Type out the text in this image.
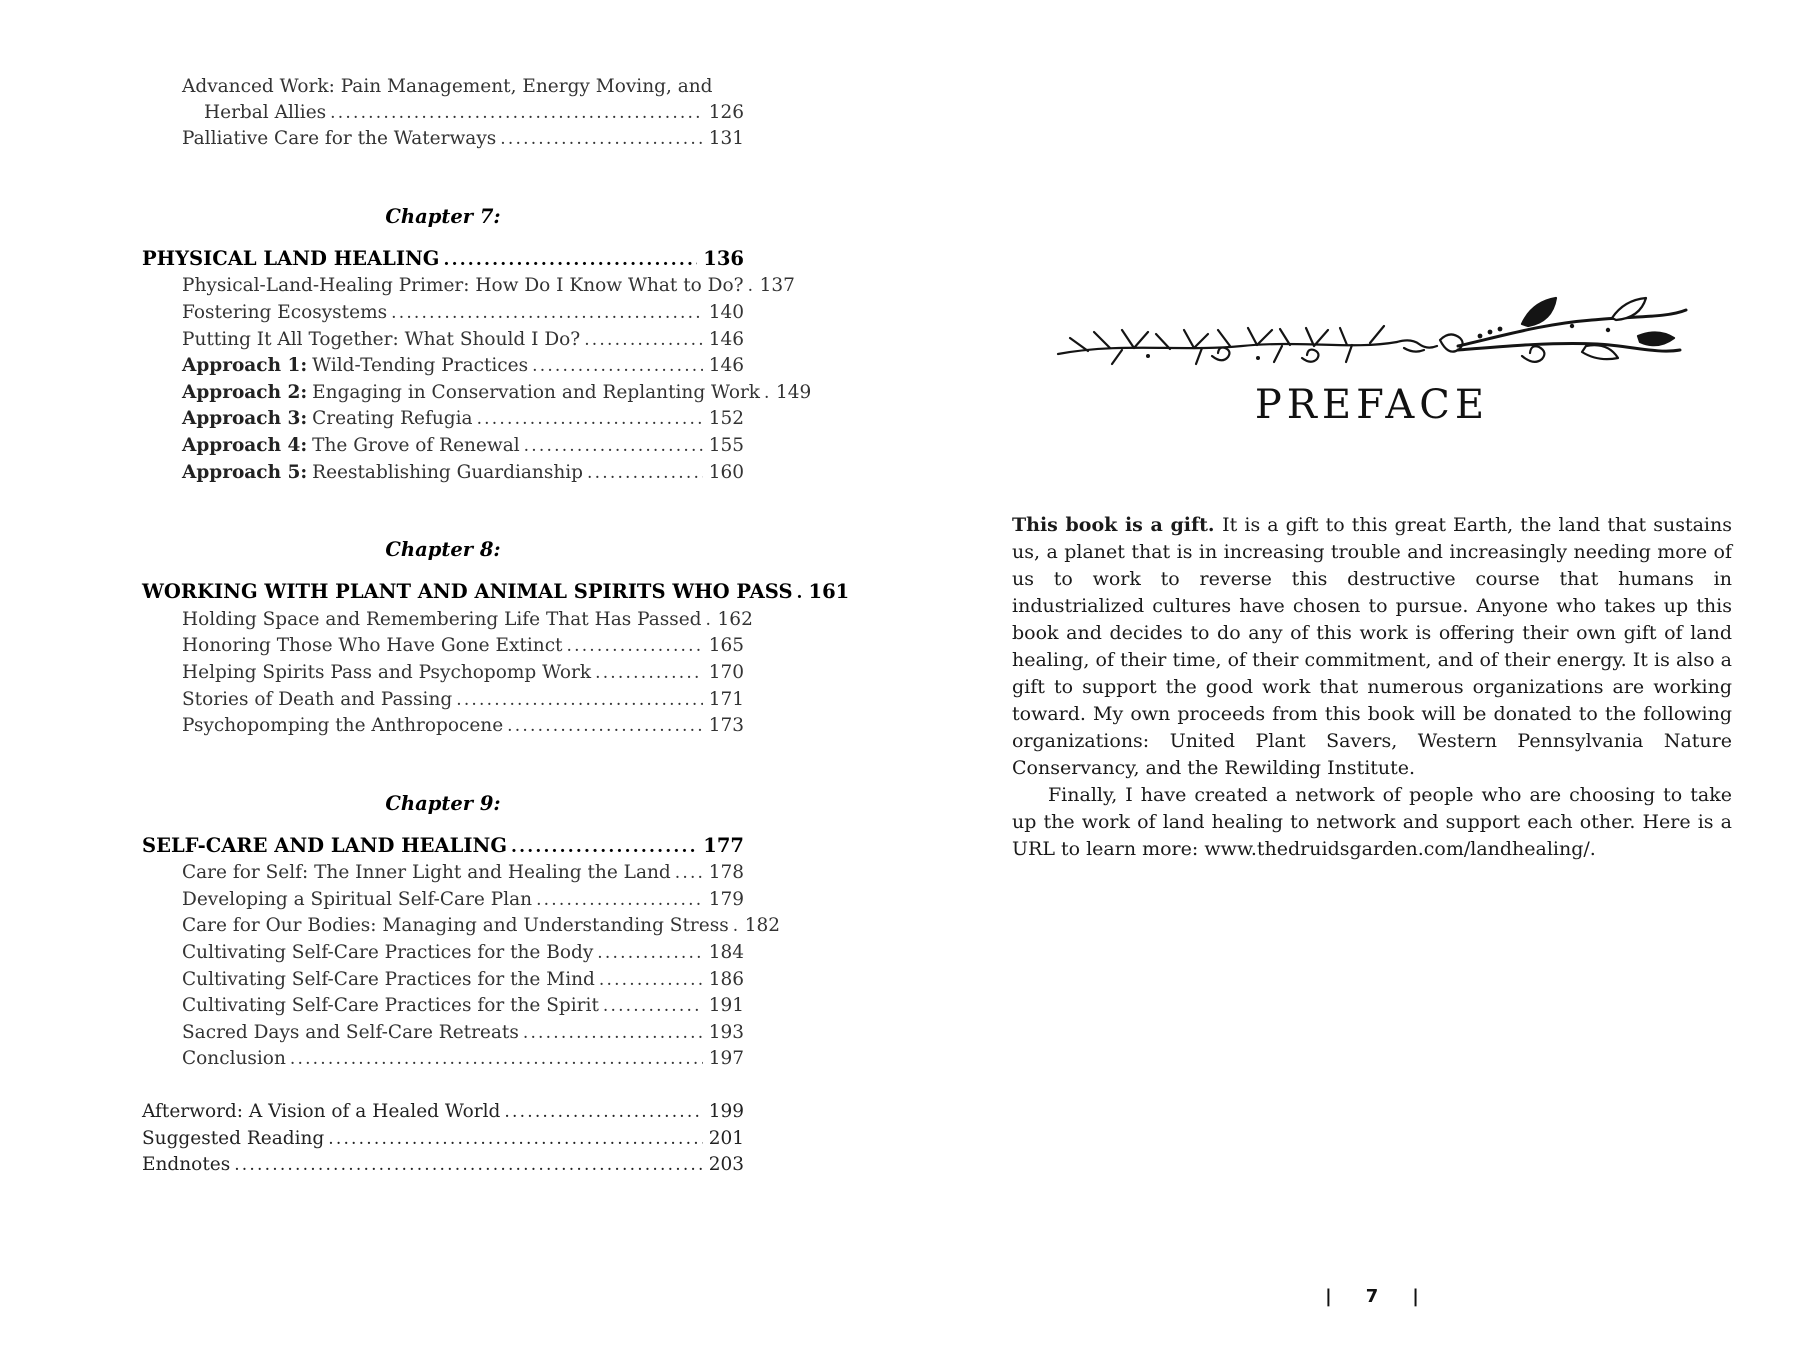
Advanced Work: Pain Management, Energy Moving, and
Herbal Allies .....	126
Palliative Care for the Waterways .....	131
Chapter 7:
PHYSICAL LAND HEALING .....	136
Physical-Land-Healing Primer: How Do I Know What to Do? ..... 137
Fostering Ecosystems .....	140
Putting It All Together: What Should I Do? .....	146
Approach 1: Wild-Tending Practices .....	146
Approach 2: Engaging in Conservation and Replanting Work ..... 149
Approach 3: Creating Refugia .....	152
Approach 4: The Grove of Renewal .....	155
Approach 5: Reestablishing Guardianship .....	160
Chapter 8:
WORKING WITH PLANT AND ANIMAL SPIRITS WHO PASS ..... 161
Holding Space and Remembering Life That Has Passed ..... 162
Honoring Those Who Have Gone Extinct .....	165
Helping Spirits Pass and Psychopomp Work .....	170
Stories of Death and Passing .....	171
Psychopomping the Anthropocene .....	173
Chapter 9:
SELF-CARE AND LAND HEALING .....	177
Care for Self: The Inner Light and Healing the Land ..... 178
Developing a Spiritual Self-Care Plan .....	179
Care for Our Bodies: Managing and Understanding Stress ..... 182
Cultivating Self-Care Practices for the Body .....	184
Cultivating Self-Care Practices for the Mind .....	186
Cultivating Self-Care Practices for the Spirit .....	191
Sacred Days and Self-Care Retreats .....	193
Conclusion .....	197
Afterword: A Vision of a Healed World .....	199
Suggested Reading .....	201
Endnotes .....	203
PREFACE

This book is a gift. It is a gift to this great Earth, the land that sustains us, a planet that is in increasing trouble and increasingly needing more of us to work to reverse this destructive course that humans in industrialized cultures have chosen to pursue. Anyone who takes up this book and decides to do any of this work is offering their own gift of land healing, of their time, of their commitment, and of their energy. It is also a gift to support the good work that numerous organizations are working toward. My own proceeds from this book will be donated to the following organizations: United Plant Savers, Western Pennsylvania Nature Conservancy, and the Rewilding Institute.

Finally, I have created a network of people who are choosing to take up the work of land healing to network and support each other. Here is a URL to learn more: www.thedruidsgarden.com/landhealing/.

| 7 |
